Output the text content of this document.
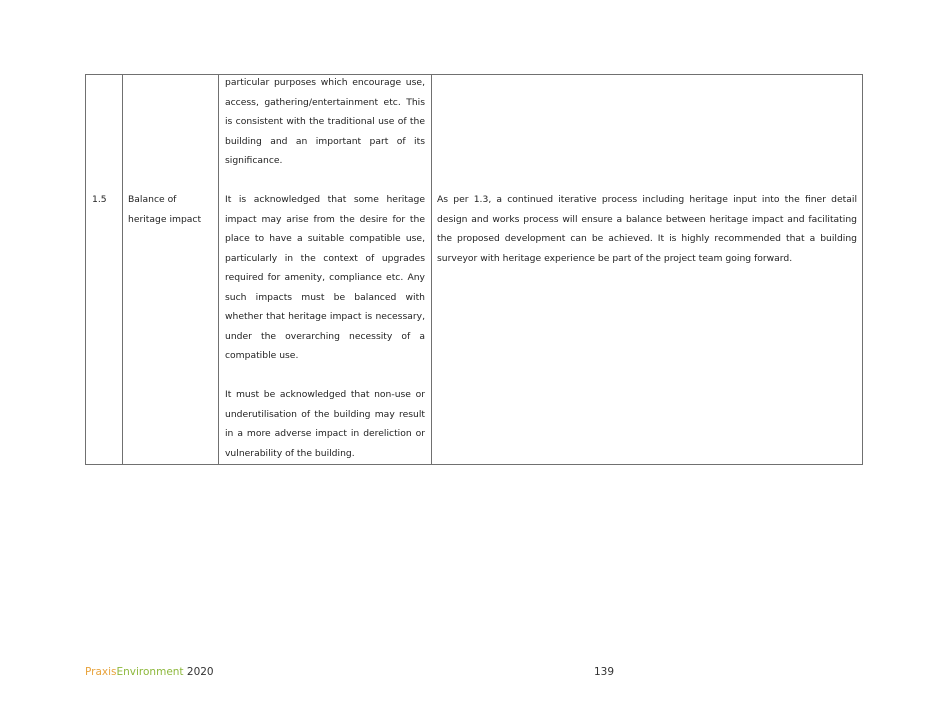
particular purposes which encourage use, access, gathering/entertainment etc. This is consistent with the traditional use of the building and an important part of its significance.

1.5	Balance of heritage impact

It is acknowledged that some heritage impact may arise from the desire for the place to have a suitable compatible use, particularly in the context of upgrades required for amenity, compliance etc. Any such impacts must be balanced with whether that heritage impact is necessary, under the overarching necessity of a compatible use.

It must be acknowledged that non-use or underutilisation of the building may result in a more adverse impact in dereliction or vulnerability of the building.

As per 1.3, a continued iterative process including heritage input into the finer detail design and works process will ensure a balance between heritage impact and facilitating the proposed development can be achieved. It is highly recommended that a building surveyor with heritage experience be part of the project team going forward.
PraxisEnvironment 2020	139
